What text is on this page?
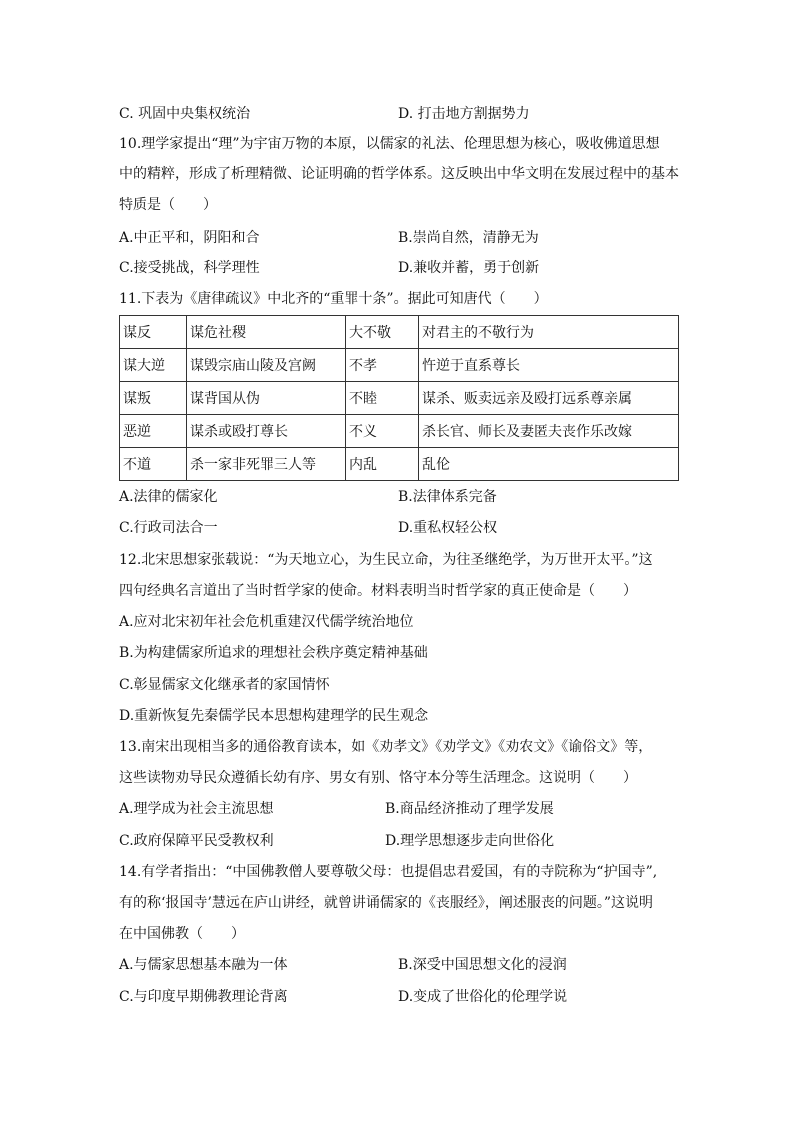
C. 巩固中央集权统治	D. 打击地方割据势力
10.理学家提出“理”为宇宙万物的本原，以儒家的礼法、伦理思想为核心，吸收佛道思想
中的精粹，形成了析理精微、论证明确的哲学体系。这反映出中华文明在发展过程中的基本
特质是（　　）
A.中正平和，阴阳和合	B.崇尚自然，清静无为
C.接受挑战，科学理性	D.兼收并蓄，勇于创新
11.下表为《唐律疏议》中北齐的“重罪十条”。据此可知唐代（　　）
谋反	谋危社稷	大不敬	对君主的不敬行为
谋大逆	谋毁宗庙山陵及宫阙	不孝	忤逆于直系尊长
谋叛	谋背国从伪	不睦	谋杀、贩卖远亲及殴打远系尊亲属
恶逆	谋杀或殴打尊长	不义	杀长官、师长及妻匿夫丧作乐改嫁
不道	杀一家非死罪三人等	内乱	乱伦
A.法律的儒家化	B.法律体系完备
C.行政司法合一	D.重私权轻公权
12.北宋思想家张载说：“为天地立心，为生民立命，为往圣继绝学，为万世开太平。”这
四句经典名言道出了当时哲学家的使命。材料表明当时哲学家的真正使命是（　　）
A.应对北宋初年社会危机重建汉代儒学统治地位
B.为构建儒家所追求的理想社会秩序奠定精神基础
C.彰显儒家文化继承者的家国情怀
D.重新恢复先秦儒学民本思想构建理学的民生观念
13.南宋出现相当多的通俗教育读本，如《劝孝文》《劝学文》《劝农文》《谕俗文》等，
这些读物劝导民众遵循长幼有序、男女有别、恪守本分等生活理念。这说明（　　）
A.理学成为社会主流思想	B.商品经济推动了理学发展
C.政府保障平民受教权利	D.理学思想逐步走向世俗化
14.有学者指出：“中国佛教僧人要尊敬父母：也提倡忠君爱国，有的寺院称为“护国寺”,
有的称‘报国寺’慧远在庐山讲经，就曾讲诵儒家的《丧服经》，阐述服丧的问题。”这说明
在中国佛教（　　）
A.与儒家思想基本融为一体	B.深受中国思想文化的浸润
C.与印度早期佛教理论背离	D.变成了世俗化的伦理学说
